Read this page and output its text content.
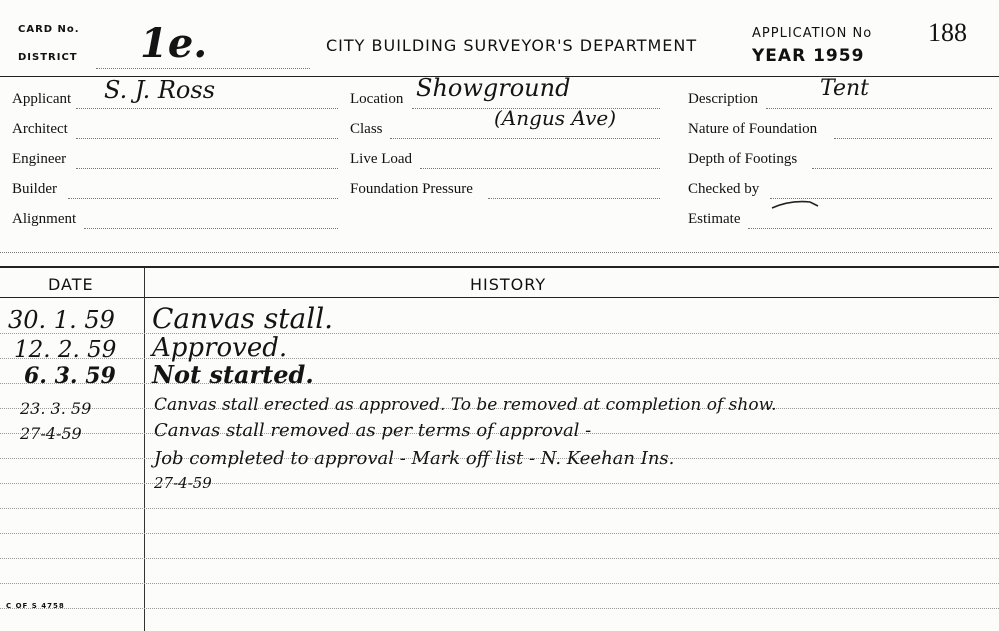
CARD No.
DISTRICT 1e.	CITY BUILDING SURVEYOR'S DEPARTMENT
APPLICATION No 188
YEAR 1959
Applicant S. J. Ross
Architect
Engineer
Builder
Alignment
Location Showground
Class	(Angus Ave)
Live Load
Foundation Pressure
Description	Tent
Nature of Foundation
Depth of Footings
Checked by
Estimate
DATE	HISTORY
30. 1. 59 Canvas stall.
12. 2. 59 Approved.
6. 3. 59 Not started.
23. 3. 59	Canvas stall erected as approved. To be removed at completion of show.
27-4-59	Canvas stall removed as per terms of approval -
Job completed to approval - Mark off list - N. Keehan Ins.
27-4-59
C OF S 4758
